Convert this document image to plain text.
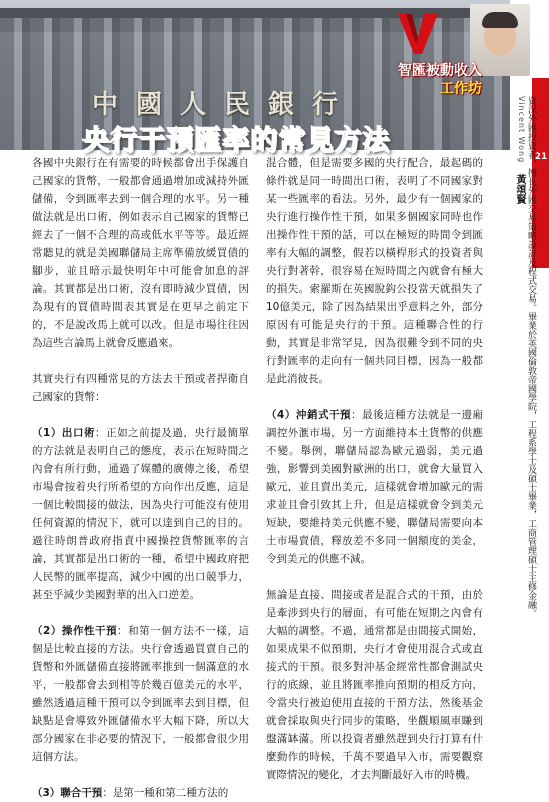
中國人民銀行
智匯被動收入
工作坊
央行干預匯率的常見方法
21
Vincent Wong
黃頌賢 資深外匯投資者，擅長外匯交易策略設計及程式交易。畢業於英國倫敦帝國學院，工程系學士及碩士畢業，工商管理碩士主修金融。

各國中央銀行在有需要的時候都會出手保護自己國家的貨幣，一般都會通過增加或減持外匯儲備，令到匯率去到一個合理的水平。另一種做法就是出口術，例如表示自己國家的貨幣已經去了一個不合理的高或低水平等等。最近經常聽見的就是美國聯儲局主席準備放緩買債的腳步，並且暗示最快明年中可能會加息的評論。其實都是出口術，沒有即時減少買債，因為現有的買債時間表其實是在更早之前定下的，不是說改馬上就可以改。但是市場往往因為這些言論馬上就會反應過來。

其實央行有四種常見的方法去干預或者捍衛自己國家的貨幣：

（1）出口術：正如之前提及過，央行最簡單的方法就是表明自己的態度，表示在短時間之內會有所行動，通過了媒體的廣傳之後，希望市場會按着央行所希望的方向作出反應，這是一個比較間接的做法，因為央行可能沒有使用任何資源的情況下，就可以達到自己的目的。過往時朗普政府指責中國操控貨幣匯率的言論，其實都是出口術的一種，希望中國政府把人民幣的匯率提高，減少中國的出口競爭力，甚至乎減少美國對華的出入口逆差。

（2）操作性干預：和第一個方法不一樣，這個是比較直接的方法。央行會透過買賣自己的貨幣和外匯儲備直接將匯率推到一個滿意的水平，一般都會去到相等於幾百億美元的水平，雖然透過這種干預可以令到匯率去到目標，但缺點是會導致外匯儲備水平大幅下降，所以大部分國家在非必要的情況下，一般都會很少用這個方法。

（3）聯合干預：是第一種和第二種方法的

混合體，但是需要多國的央行配合，最起碼的條件就是同一時間出口術，表明了不同國家對某一些匯率的看法。另外，最少有一個國家的央行進行操作性干預，如果多個國家同時也作出操作性干預的話，可以在極短的時間令到匯率有大幅的調整，假若以橫桿形式的投資者與央行對著幹，很容易在短時間之內就會有極大的損失。索羅斯在英國脫鈎公投當天就損失了10億美元，除了因為結果出乎意料之外，部分原因有可能是央行的干預。這種聯合性的行動，其實是非常罕見，因為很難令到不同的央行對匯率的走向有一個共同目標，因為一般都是此消彼長。

（4）沖銷式干預：最後這種方法就是一邊廂調控外滙市場，另一方面維持本土貨幣的供應不變。舉例，聯儲局認為歐元過弱，美元過強，影響到美國對歐洲的出口，就會大量買入歐元，並且賣出美元，這樣就會增加歐元的需求並且會引致其上升，但是這樣就會令到美元短缺，要維持美元供應不變，聯儲局需要向本土市場賣債，釋放差不多同一個額度的美金，令到美元的供應不減。

無論是直接、間接或者是混合式的干預，由於是牽涉到央行的層面，有可能在短期之內會有大幅的調整。不過，通常都是由間接式開始，如果成果不似預期，央行才會使用混合式或直接式的干預。很多對沖基金經常性都會測試央行的底線，並且將匯率推向預期的相反方向，令當央行被迫使用直接的干預方法，然後基金就會採取與央行同步的策略，坐觀順風車賺到盤滿缽滿。所以投資者雖然趕到央行打算有什麼動作的時候，千萬不要過早入市，需要觀察實際情況的變化，才去判斷最好入市的時機。
